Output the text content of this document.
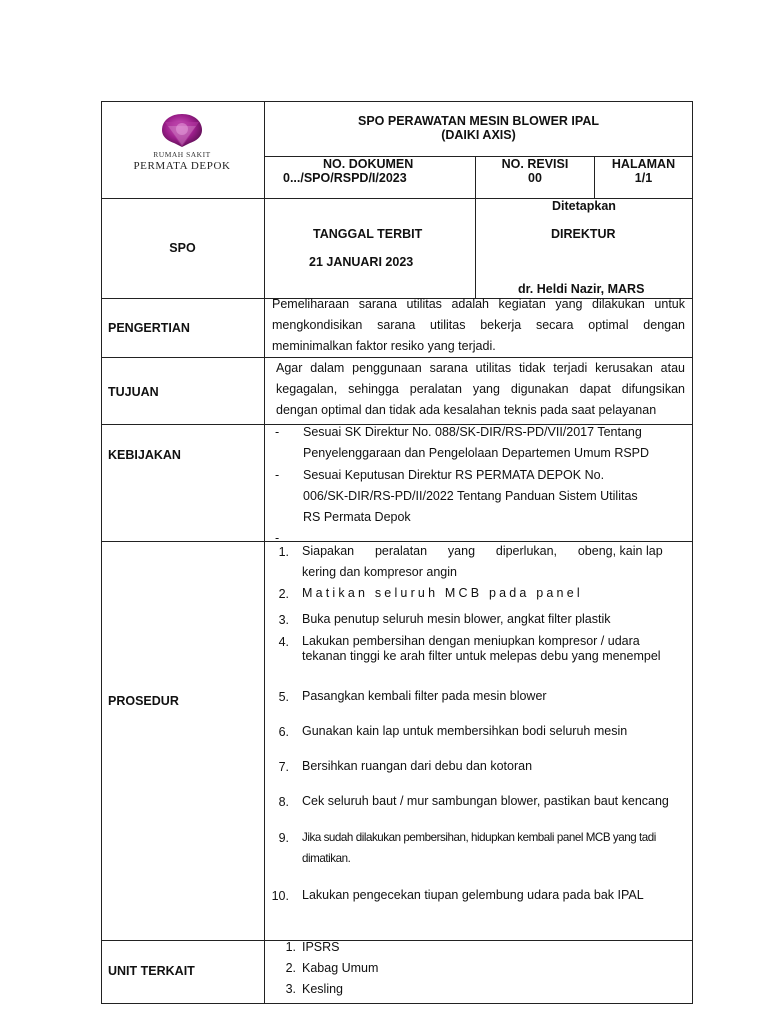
RUMAH SAKIT
PERMATA DEPOK
SPO PERAWATAN MESIN BLOWER IPAL
(DAIKI AXIS)
NO. DOKUMEN
0.../SPO/RSPD/I/2023
NO. REVISI
00
HALAMAN
1/1
SPO
TANGGAL TERBIT
21 JANUARI 2023
Ditetapkan
DIREKTUR
dr. Heldi Nazir, MARS
PENGERTIAN
Pemeliharaan sarana utilitas adalah kegiatan yang dilakukan untuk
mengkondisikan sarana utilitas bekerja secara optimal dengan
meminimalkan faktor resiko yang terjadi.
TUJUAN
Agar dalam penggunaan sarana utilitas tidak terjadi kerusakan atau
kegagalan, sehingga peralatan yang digunakan dapat difungsikan
dengan optimal dan tidak ada kesalahan teknis pada saat pelayanan
KEBIJAKAN
- Sesuai SK Direktur No. 088/SK-DIR/RS-PD/VII/2017 Tentang
Penyelenggaraan dan Pengelolaan Departemen Umum RSPD
- Sesuai Keputusan Direktur RS PERMATA DEPOK No.
006/SK-DIR/RS-PD/II/2022 Tentang Panduan Sistem Utilitas
RS Permata Depok
-
PROSEDUR
1. Siapakan      peralatan      yang      diperlukan,      obeng, kain lap
kering dan kompresor angin
2. Matikan seluruh MCB pada panel
3. Buka penutup seluruh mesin blower, angkat filter plastik
4. Lakukan pembersihan dengan meniupkan kompresor / udara
tekanan tinggi ke arah filter untuk melepas debu yang menempel
5. Pasangkan kembali filter pada mesin blower
6. Gunakan kain lap untuk membersihkan bodi seluruh mesin
7. Bersihkan ruangan dari debu dan kotoran
8. Cek seluruh baut / mur sambungan blower, pastikan baut kencang
9. Jika sudah dilakukan pembersihan, hidupkan kembali panel MCB yang tadi
dimatikan.
10. Lakukan pengecekan tiupan gelembung udara pada bak IPAL
UNIT TERKAIT
1. IPSRS
2. Kabag Umum
3. Kesling
